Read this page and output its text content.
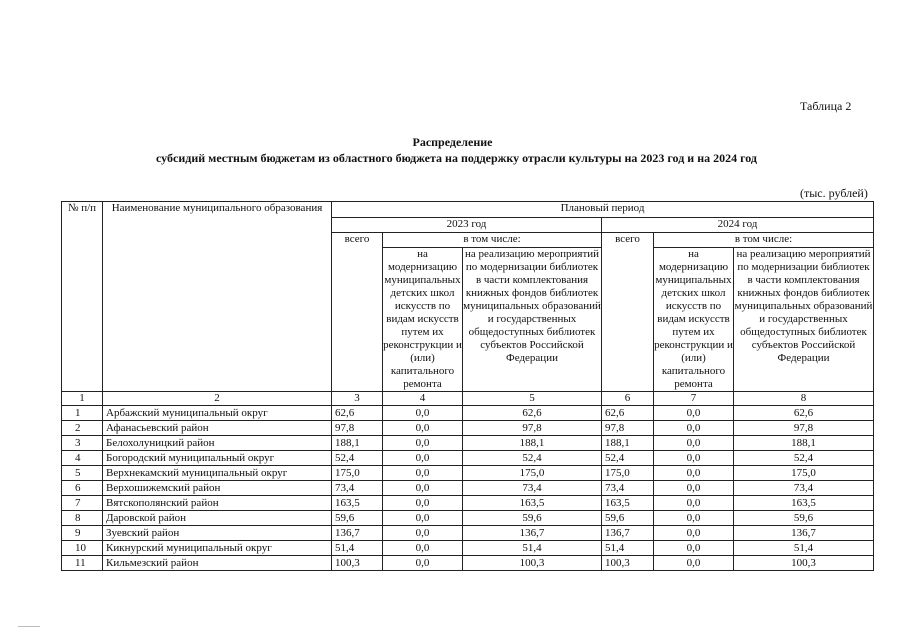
Таблица 2
Распределение
субсидий местным бюджетам из областного бюджета на поддержку отрасли культуры на 2023 год и на 2024 год
(тыс. рублей)
№ п/п	Наименование муниципального образования	Плановый период					
		2023 год			2024 год		
		всего	в том числе:		всего	в том числе:	
			на модернизацию муниципальных детских школ искусств по видам искусств путем их реконструкции и (или) капитального ремонта	на реализацию мероприятий по модернизации библиотек в части комплектования книжных фондов библиотек муниципальных образований и государственных общедоступных библиотек субъектов Российской Федерации		на модернизацию муниципальных детских школ искусств по видам искусств путем их реконструкции и (или) капитального ремонта	на реализацию мероприятий по модернизации библиотек в части комплектования книжных фондов библиотек муниципальных образований и государственных общедоступных библиотек субъектов Российской Федерации
1	2	3	4	5	6	7	8
1	Арбажский муниципальный округ	62,6	0,0	62,6	62,6	0,0	62,6
2	Афанасьевский район	97,8	0,0	97,8	97,8	0,0	97,8
3	Белохолуницкий район	188,1	0,0	188,1	188,1	0,0	188,1
4	Богородский муниципальный округ	52,4	0,0	52,4	52,4	0,0	52,4
5	Верхнекамский муниципальный округ	175,0	0,0	175,0	175,0	0,0	175,0
6	Верхошижемский район	73,4	0,0	73,4	73,4	0,0	73,4
7	Вятскополянский район	163,5	0,0	163,5	163,5	0,0	163,5
8	Даровской район	59,6	0,0	59,6	59,6	0,0	59,6
9	Зуевский район	136,7	0,0	136,7	136,7	0,0	136,7
10	Кикнурский муниципальный округ	51,4	0,0	51,4	51,4	0,0	51,4
11	Кильмезский район	100,3	0,0	100,3	100,3	0,0	100,3
